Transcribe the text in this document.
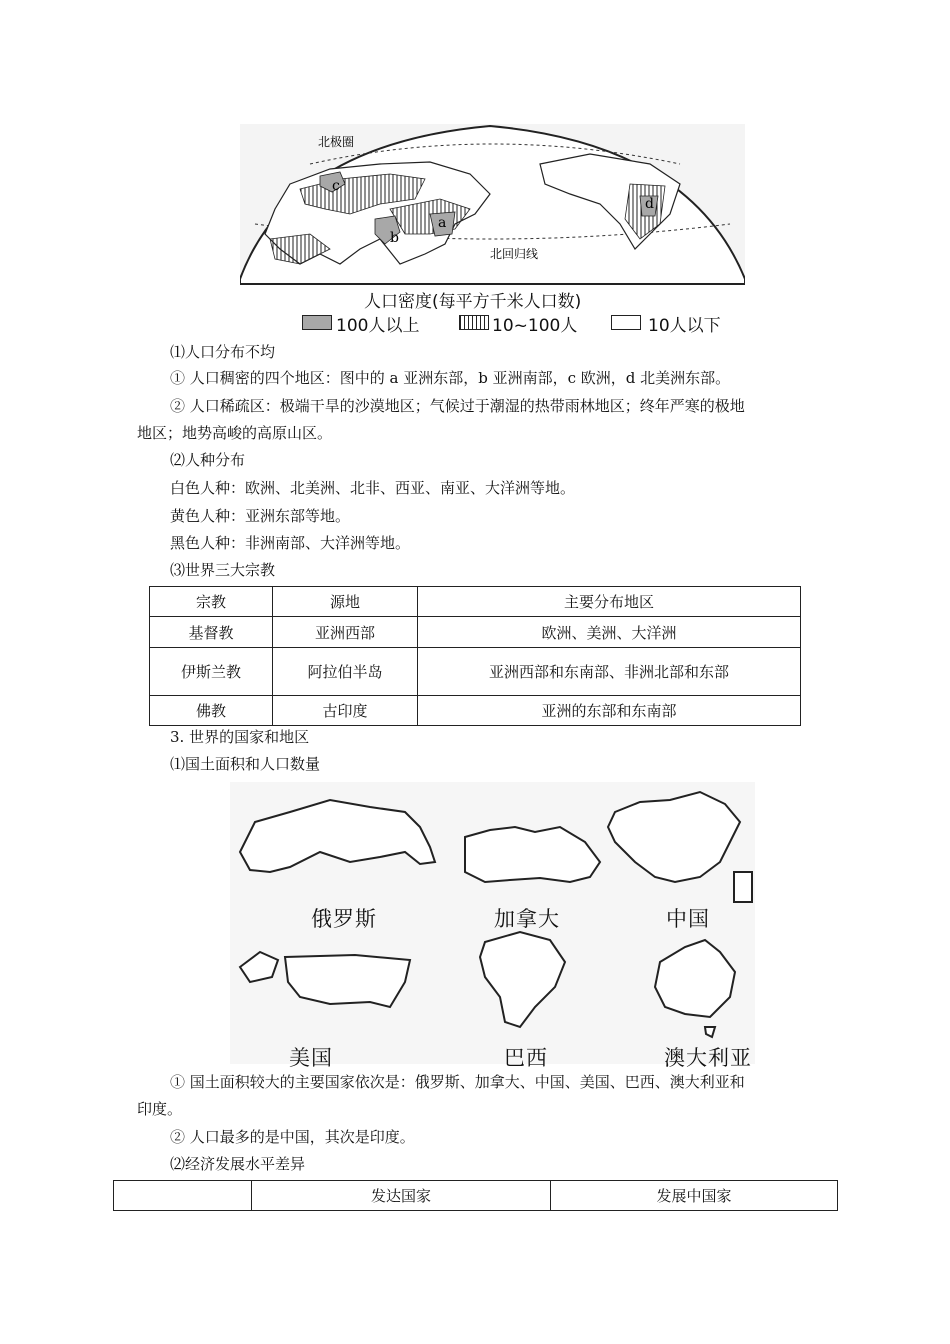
北极圈
北回归线
a
b
c
d
人口密度(每平方千米人口数)
100人以上	10~100人	10人以下
⑴人口分布不均
① 人口稠密的四个地区：图中的 a 亚洲东部，b 亚洲南部，c 欧洲，d 北美洲东部。
② 人口稀疏区：极端干旱的沙漠地区；气候过于潮湿的热带雨林地区；终年严寒的极地
地区；地势高峻的高原山区。
⑵人种分布
白色人种：欧洲、北美洲、北非、西亚、南亚、大洋洲等地。
黄色人种：亚洲东部等地。
黑色人种：非洲南部、大洋洲等地。
⑶世界三大宗教
宗教	源地	主要分布地区
基督教	亚洲西部	欧洲、美洲、大洋洲
伊斯兰教	阿拉伯半岛	亚洲西部和东南部、非洲北部和东部
佛教	古印度	亚洲的东部和东南部
3. 世界的国家和地区
⑴国土面积和人口数量
俄罗斯	加拿大	中国
美国	巴西	澳大利亚
① 国土面积较大的主要国家依次是：俄罗斯、加拿大、中国、美国、巴西、澳大利亚和
印度。
② 人口最多的是中国，其次是印度。
⑵经济发展水平差异
	发达国家	发展中国家
